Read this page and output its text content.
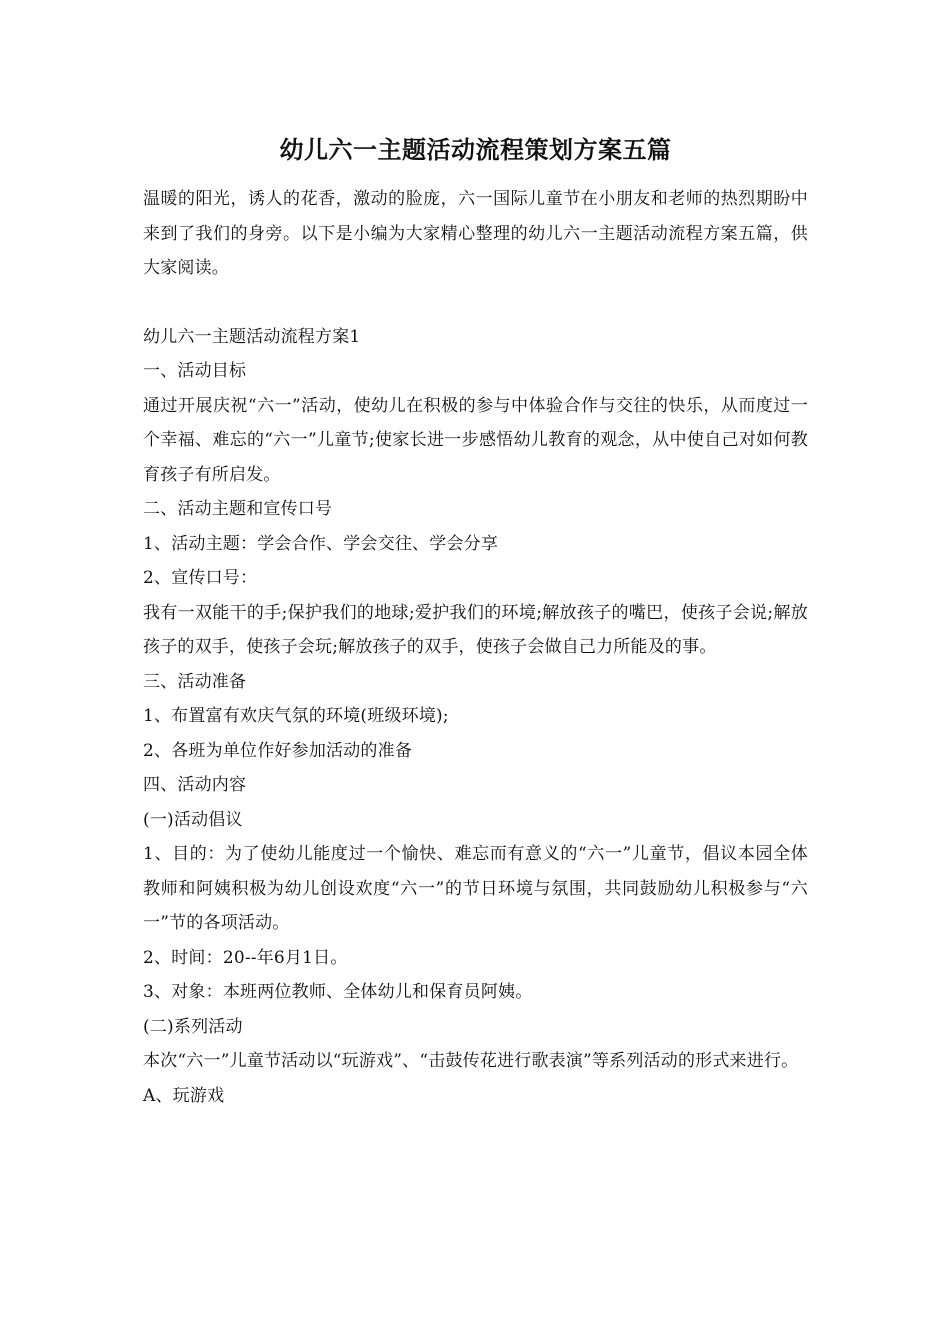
幼儿六一主题活动流程策划方案五篇

温暖的阳光，诱人的花香，激动的脸庞，六一国际儿童节在小朋友和老师的热烈期盼中来到了我们的身旁。以下是小编为大家精心整理的幼儿六一主题活动流程方案五篇，供大家阅读。

幼儿六一主题活动流程方案1

一、活动目标

通过开展庆祝“六一”活动，使幼儿在积极的参与中体验合作与交往的快乐，从而度过一个幸福、难忘的“六一”儿童节;使家长进一步感悟幼儿教育的观念，从中使自己对如何教育孩子有所启发。

二、活动主题和宣传口号

1、活动主题：学会合作、学会交往、学会分享

2、宣传口号：

我有一双能干的手;保护我们的地球;爱护我们的环境;解放孩子的嘴巴，使孩子会说;解放孩子的双手，使孩子会玩;解放孩子的双手，使孩子会做自己力所能及的事。

三、活动准备

1、布置富有欢庆气氛的环境(班级环境);

2、各班为单位作好参加活动的准备

四、活动内容

(一)活动倡议

1、目的：为了使幼儿能度过一个愉快、难忘而有意义的“六一”儿童节，倡议本园全体教师和阿姨积极为幼儿创设欢度“六一”的节日环境与氛围，共同鼓励幼儿积极参与“六一”节的各项活动。

2、时间：20--年6月1日。

3、对象：本班两位教师、全体幼儿和保育员阿姨。

(二)系列活动

本次“六一”儿童节活动以“玩游戏”、“击鼓传花进行歌表演”等系列活动的形式来进行。

A、玩游戏
